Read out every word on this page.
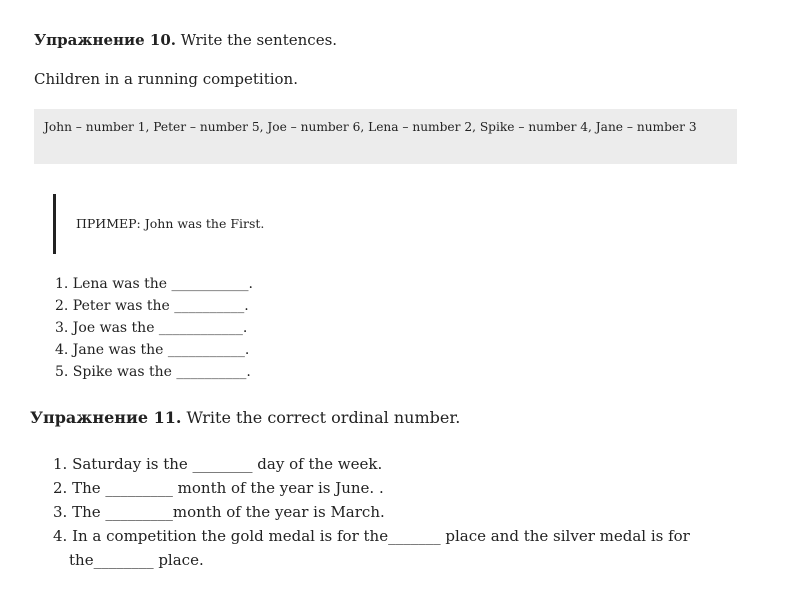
Упражнение 10. Write the sentences.
Children in a running competition.
John – number 1, Peter – number 5, Joe – number 6, Lena – number 2, Spike – number 4, Jane – number 3
ПРИМЕР: John was the First.
1. Lena was the ___________.
2. Peter was the __________.
3. Joe was the ____________.
4. Jane was the ___________.
5. Spike was the __________.
Упражнение 11. Write the correct ordinal number.
1. Saturday is the ________ day of the week.
2. The _________ month of the year is June. .
3. The _________month of the year is March.
4. In a competition the gold medal is for the_______ place and the silver medal is for
the________ place.
